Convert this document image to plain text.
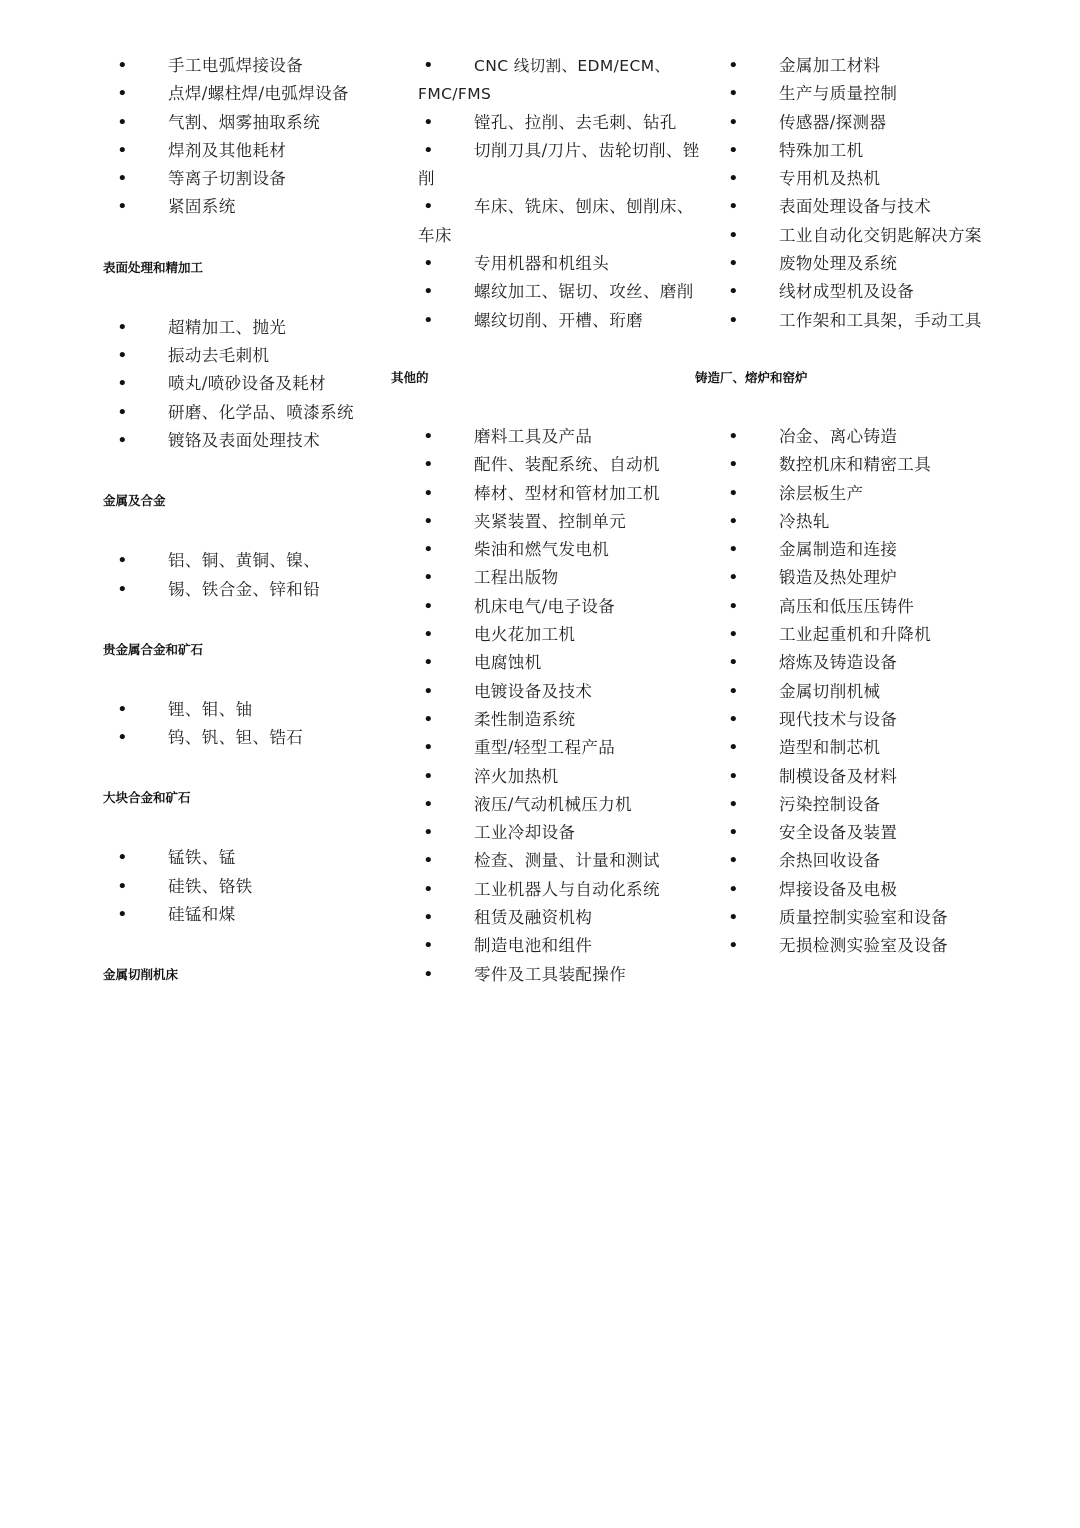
• 手工电弧焊接设备
• 点焊/螺柱焊/电弧焊设备
• 气割、烟雾抽取系统
• 焊剂及其他耗材
• 等离子切割设备
• 紧固系统
表面处理和精加工
• 超精加工、抛光
• 振动去毛刺机
• 喷丸/喷砂设备及耗材
• 研磨、化学品、喷漆系统
• 镀铬及表面处理技术
金属及合金
• 铝、铜、黄铜、镍、
• 锡、铁合金、锌和铅
贵金属合金和矿石
• 锂、钼、铀
• 钨、钒、钽、锆石
大块合金和矿石
• 锰铁、锰
• 硅铁、铬铁
• 硅锰和煤
金属切削机床
• CNC 线切割、EDM/ECM、FMC/FMS
• 镗孔、拉削、去毛刺、钻孔
• 切削刀具/刀片、齿轮切削、锉削
• 车床、铣床、刨床、刨削床、车床
• 专用机器和机组头
• 螺纹加工、锯切、攻丝、磨削
• 螺纹切削、开槽、珩磨
其他的
• 磨料工具及产品
• 配件、装配系统、自动机
• 棒材、型材和管材加工机
• 夹紧装置、控制单元
• 柴油和燃气发电机
• 工程出版物
• 机床电气/电子设备
• 电火花加工机
• 电腐蚀机
• 电镀设备及技术
• 柔性制造系统
• 重型/轻型工程产品
• 淬火加热机
• 液压/气动机械压力机
• 工业冷却设备
• 检查、测量、计量和测试
• 工业机器人与自动化系统
• 租赁及融资机构
• 制造电池和组件
• 零件及工具装配操作
• 金属加工材料
• 生产与质量控制
• 传感器/探测器
• 特殊加工机
• 专用机及热机
• 表面处理设备与技术
• 工业自动化交钥匙解决方案
• 废物处理及系统
• 线材成型机及设备
• 工作架和工具架，手动工具
铸造厂、熔炉和窑炉
• 冶金、离心铸造
• 数控机床和精密工具
• 涂层板生产
• 冷热轧
• 金属制造和连接
• 锻造及热处理炉
• 高压和低压压铸件
• 工业起重机和升降机
• 熔炼及铸造设备
• 金属切削机械
• 现代技术与设备
• 造型和制芯机
• 制模设备及材料
• 污染控制设备
• 安全设备及装置
• 余热回收设备
• 焊接设备及电极
• 质量控制实验室和设备
• 无损检测实验室及设备
